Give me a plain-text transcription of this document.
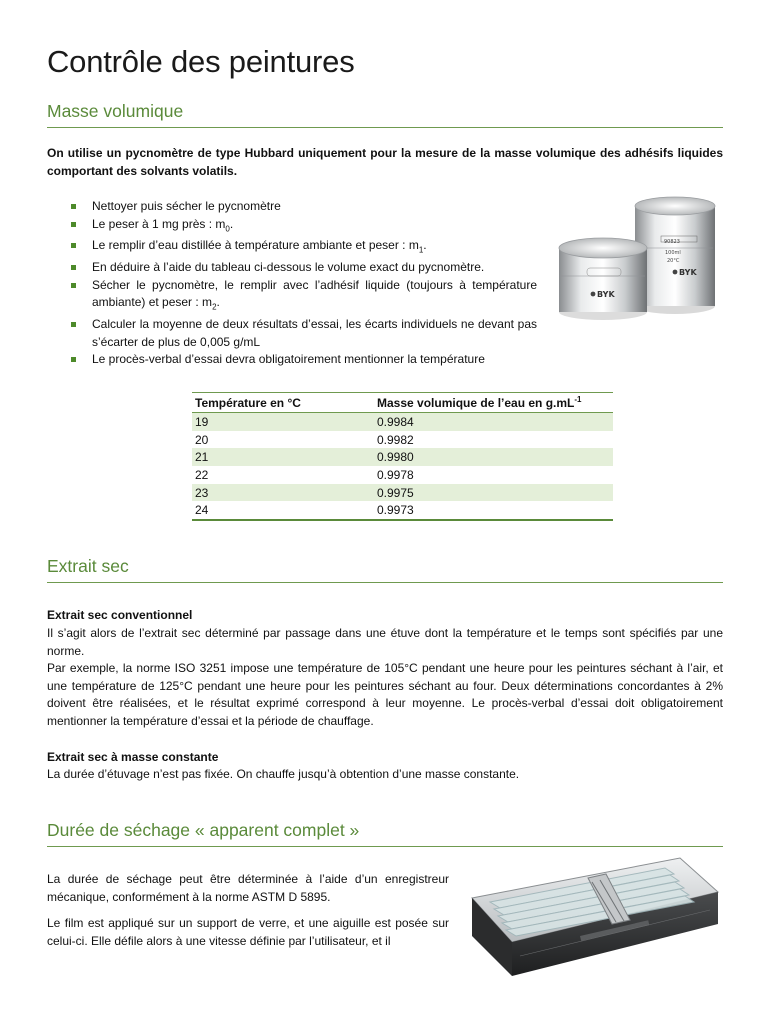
Contrôle des peintures
Masse volumique

On utilise un pycnomètre de type Hubbard uniquement pour la mesure de la masse volumique des adhésifs liquides comportant des solvants volatils.

Nettoyer puis sécher le pycnomètre
Le peser à 1 mg près : $m_0$.
Le remplir d’eau distillée à température ambiante et peser : $m_1$.
En déduire à l’aide du tableau ci-dessous le volume exact du pycnomètre.
Sécher le pycnomètre, le remplir avec l’adhésif liquide (toujours à température ambiante) et peser : $m_2$.
Calculer la moyenne de deux résultats d’essai, les écarts individuels ne devant pas s’écarter de plus de 0,005 g/mL
Le procès-verbal d’essai devra obligatoirement mentionner la température
90823
100ml
20°C
BYK
BYK
Température en °C	Masse volumique de l’eau en $g.mL^{-1}$
19	0.9984
20	0.9982
21	0.9980
22	0.9978
23	0.9975
24	0.9973
Extrait sec

Extrait sec conventionnel

Il s’agit alors de l’extrait sec déterminé par passage dans une étuve dont la température et le temps sont spécifiés par une norme.

Par exemple, la norme ISO 3251 impose une température de 105°C pendant une heure pour les peintures séchant à l’air, et une température de 125°C pendant une heure pour les peintures séchant au four. Deux déterminations concordantes à 2% doivent être réalisées, et le résultat exprimé correspond à leur moyenne. Le procès-verbal d’essai doit obligatoirement mentionner la température d’essai et la période de chauffage.

Extrait sec à masse constante

La durée d’étuvage n’est pas fixée. On chauffe jusqu’à obtention d’une masse constante.

Durée de séchage « apparent complet »

La durée de séchage peut être déterminée à l’aide d’un enregistreur mécanique, conformément à la norme ASTM D 5895.

Le film est appliqué sur un support de verre, et une aiguille est posée sur celui-ci. Elle défile alors à une vitesse définie par l’utilisateur, et il
